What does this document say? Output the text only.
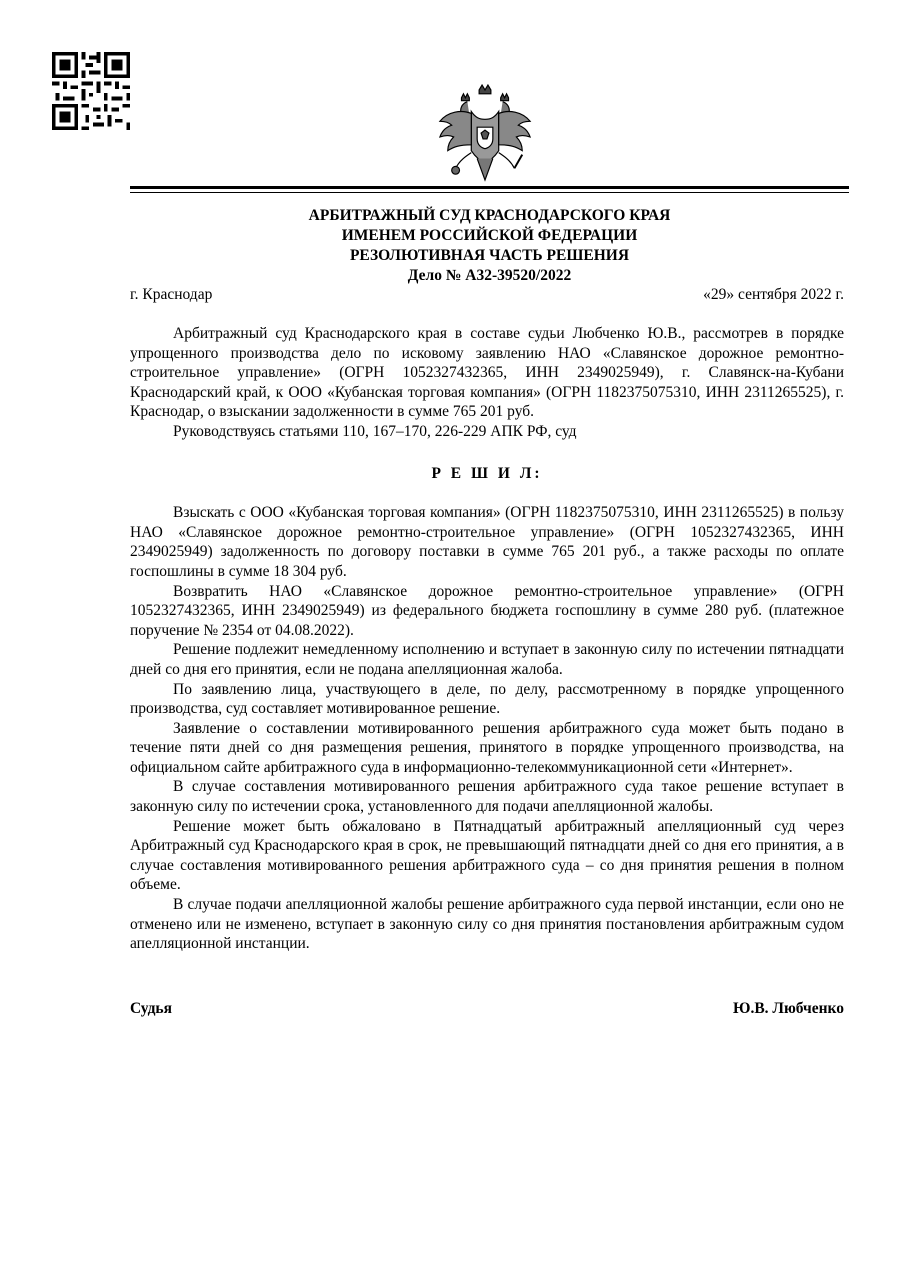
АРБИТРАЖНЫЙ СУД КРАСНОДАРСКОГО КРАЯ
ИМЕНЕМ РОССИЙСКОЙ ФЕДЕРАЦИИ
РЕЗОЛЮТИВНАЯ ЧАСТЬ РЕШЕНИЯ
Дело № А32-39520/2022
г. Краснодар	«29» сентября 2022 г.

Арбитражный суд Краснодарского края в составе судьи Любченко Ю.В., рассмотрев в порядке упрощенного производства дело по исковому заявлению НАО «Славянское дорожное ремонтно-строительное управление» (ОГРН 1052327432365, ИНН 2349025949), г. Славянск-на-Кубани Краснодарский край, к ООО «Кубанская торговая компания» (ОГРН 1182375075310, ИНН 2311265525), г. Краснодар, о взыскании задолженности в сумме 765 201 руб.

Руководствуясь статьями 110, 167–170, 226-229 АПК РФ, суд

Р Е Ш И Л:

Взыскать с ООО «Кубанская торговая компания» (ОГРН 1182375075310, ИНН 2311265525) в пользу НАО «Славянское дорожное ремонтно-строительное управление» (ОГРН 1052327432365, ИНН 2349025949) задолженность по договору поставки в сумме 765 201 руб., а также расходы по оплате госпошлины в сумме 18 304 руб.

Возвратить НАО «Славянское дорожное ремонтно-строительное управление» (ОГРН 1052327432365, ИНН 2349025949) из федерального бюджета госпошлину в сумме 280 руб. (платежное поручение № 2354 от 04.08.2022).

Решение подлежит немедленному исполнению и вступает в законную силу по истечении пятнадцати дней со дня его принятия, если не подана апелляционная жалоба.

По заявлению лица, участвующего в деле, по делу, рассмотренному в порядке упрощенного производства, суд составляет мотивированное решение.

Заявление о составлении мотивированного решения арбитражного суда может быть подано в течение пяти дней со дня размещения решения, принятого в порядке упрощенного производства, на официальном сайте арбитражного суда в информационно-телекоммуникационной сети «Интернет».

В случае составления мотивированного решения арбитражного суда такое решение вступает в законную силу по истечении срока, установленного для подачи апелляционной жалобы.

Решение может быть обжаловано в Пятнадцатый арбитражный апелляционный суд через Арбитражный суд Краснодарского края в срок, не превышающий пятнадцати дней со дня его принятия, а в случае составления мотивированного решения арбитражного суда – со дня принятия решения в полном объеме.

В случае подачи апелляционной жалобы решение арбитражного суда первой инстанции, если оно не отменено или не изменено, вступает в законную силу со дня принятия постановления арбитражным судом апелляционной инстанции.

Судья	Ю.В. Любченко
